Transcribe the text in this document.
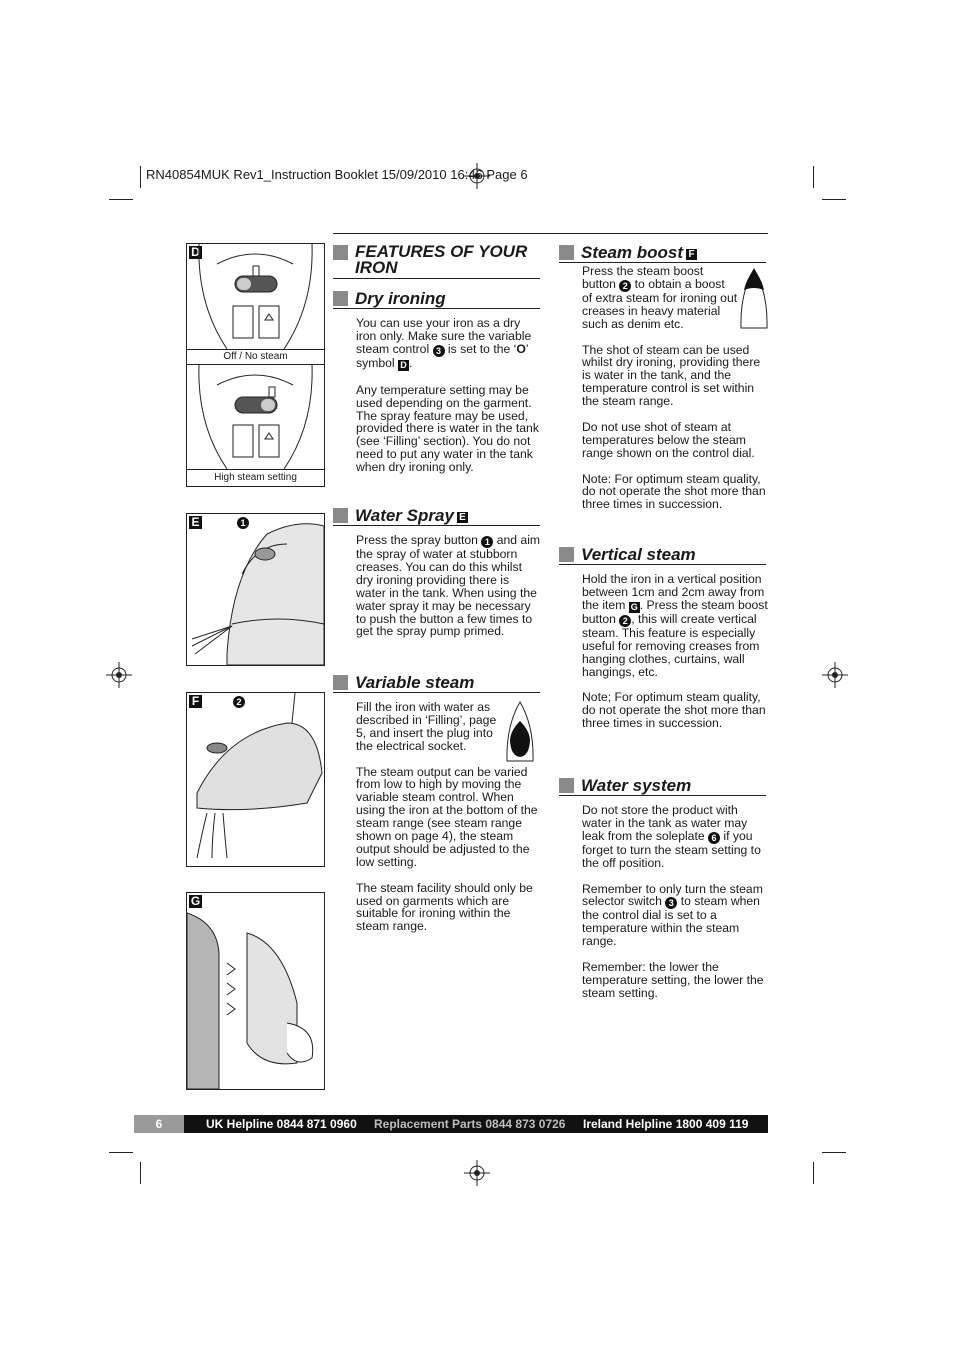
RN40854MUK Rev1_Instruction Booklet 15/09/2010 16:46 Page 6
D
Off / No steam
High steam setting
E	1
F	2
G
FEATURES OF YOUR
IRON
Dry ironing

You can use your iron as a dry iron only. Make sure the variable steam control 3 is set to the ‘O’ symbol D .

Any temperature setting may be used depending on the garment. The spray feature may be used, provided there is water in the tank (see ‘Filling’ section). You do not need to put any water in the tank when dry ironing only.

Water Spray E

Press the spray button 1 and aim the spray of water at stubborn creases. You can do this whilst dry ironing providing there is water in the tank. When using the water spray it may be necessary to push the button a few times to get the spray pump primed.

Variable steam

Fill the iron with water as described in ‘Filling’, page 5, and insert the plug into the electrical socket.

The steam output can be varied from low to high by moving the variable steam control. When using the iron at the bottom of the steam range (see steam range shown on page 4), the steam output should be adjusted to the low setting.

The steam facility should only be used on garments which are suitable for ironing within the steam range.

Steam boost F

Press the steam boost button 2 to obtain a boost of extra steam for ironing out creases in heavy material such as denim etc.

The shot of steam can be used whilst dry ironing, providing there is water in the tank, and the temperature control is set within the steam range.

Do not use shot of steam at temperatures below the steam range shown on the control dial.

Note: For optimum steam quality, do not operate the shot more than three times in succession.

Vertical steam

Hold the iron in a vertical position between 1cm and 2cm away from the item G . Press the steam boost button 2 , this will create vertical steam. This feature is especially useful for removing creases from hanging clothes, curtains, wall hangings, etc.

Note; For optimum steam quality, do not operate the shot more than three times in succession.

Water system

Do not store the product with water in the tank as water may leak from the soleplate 6 if you forget to turn the steam setting to the off position.

Remember to only turn the steam selector switch 3 to steam when the control dial is set to a temperature within the steam range.

Remember: the lower the temperature setting, the lower the steam setting.

6	UK Helpline 0844 871 0960 Replacement Parts 0844 873 0726 Ireland Helpline 1800 409 119
